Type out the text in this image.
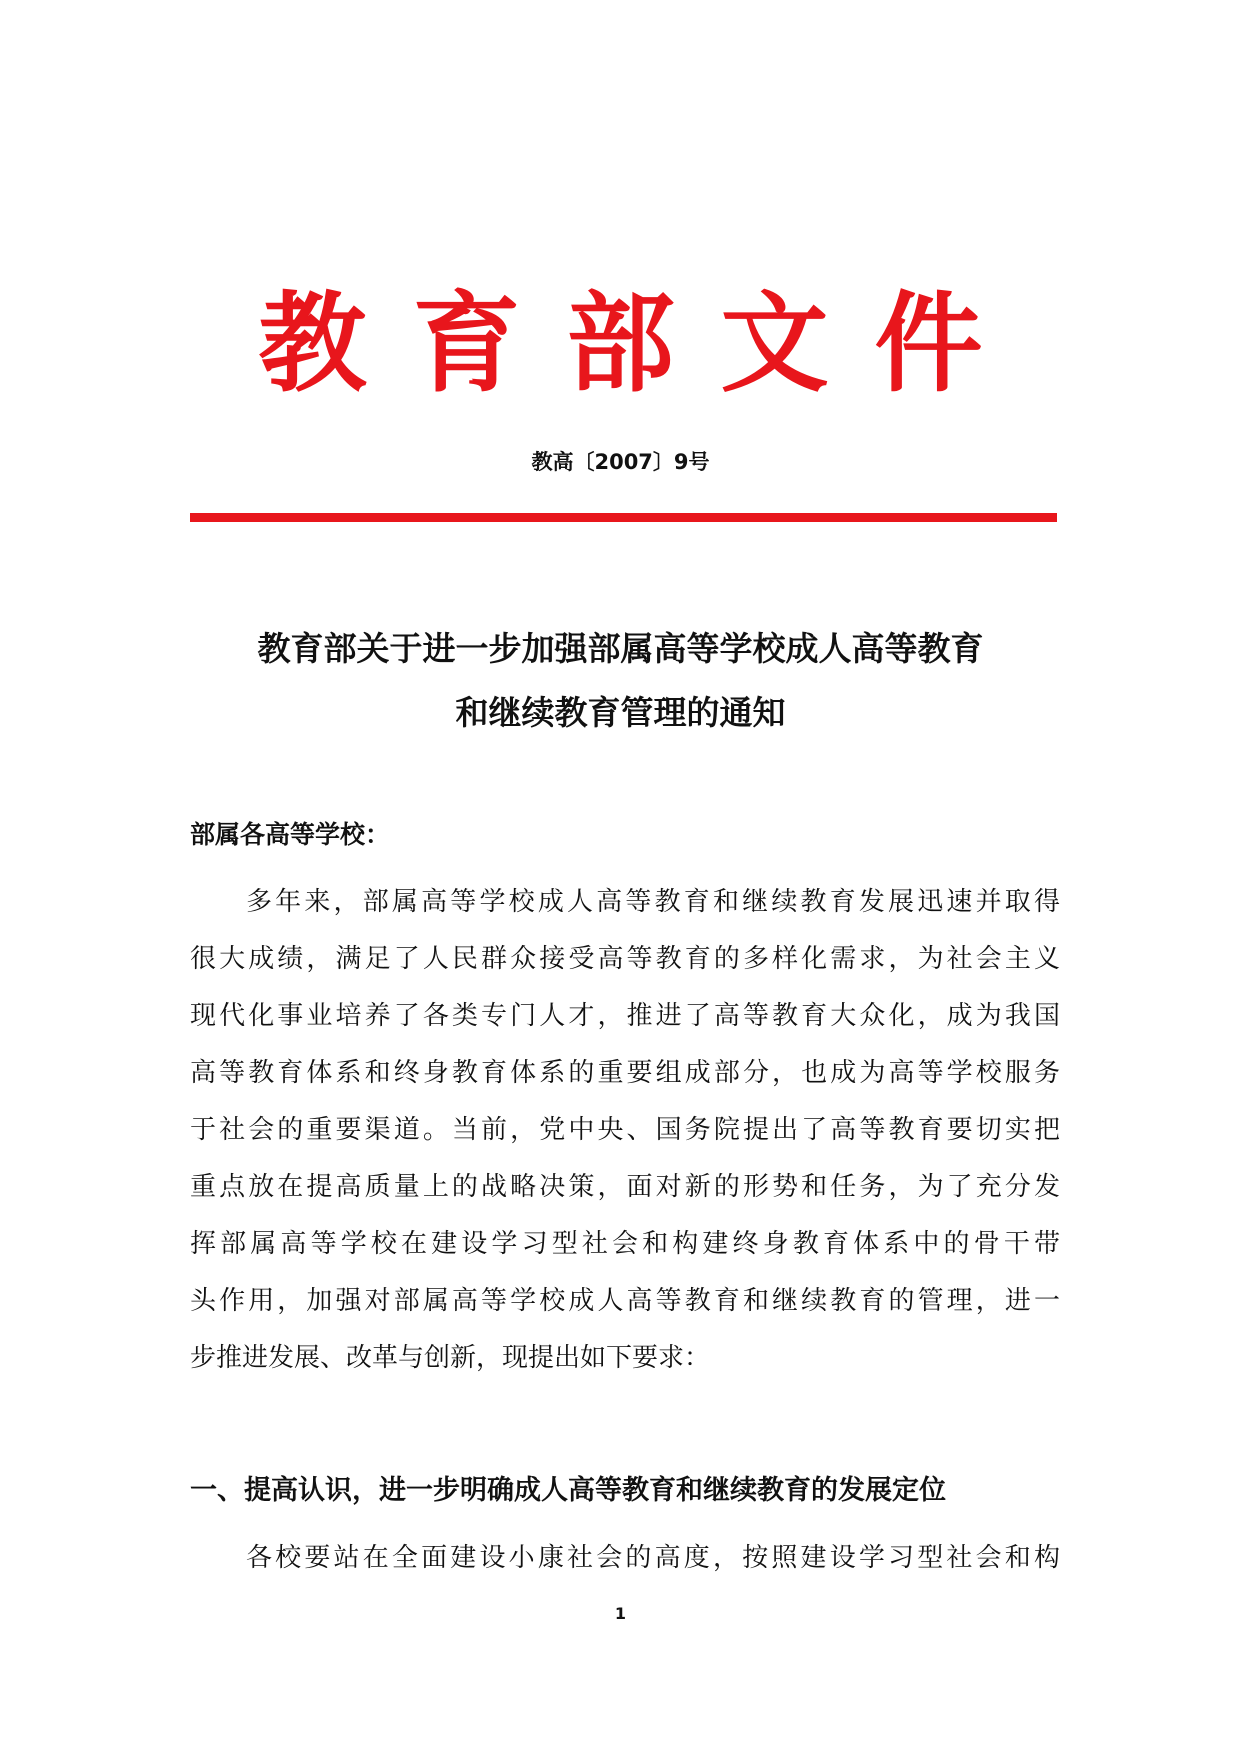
教育部文件
教高〔2007〕9号
教育部关于进一步加强部属高等学校成人高等教育
和继续教育管理的通知
部属各高等学校：
多年来，部属高等学校成人高等教育和继续教育发展迅速并取得
很大成绩，满足了人民群众接受高等教育的多样化需求，为社会主义
现代化事业培养了各类专门人才，推进了高等教育大众化，成为我国
高等教育体系和终身教育体系的重要组成部分，也成为高等学校服务
于社会的重要渠道。当前，党中央、国务院提出了高等教育要切实把
重点放在提高质量上的战略决策，面对新的形势和任务，为了充分发
挥部属高等学校在建设学习型社会和构建终身教育体系中的骨干带
头作用，加强对部属高等学校成人高等教育和继续教育的管理，进一
步推进发展、改革与创新，现提出如下要求：
一、提高认识，进一步明确成人高等教育和继续教育的发展定位
各校要站在全面建设小康社会的高度，按照建设学习型社会和构
1
